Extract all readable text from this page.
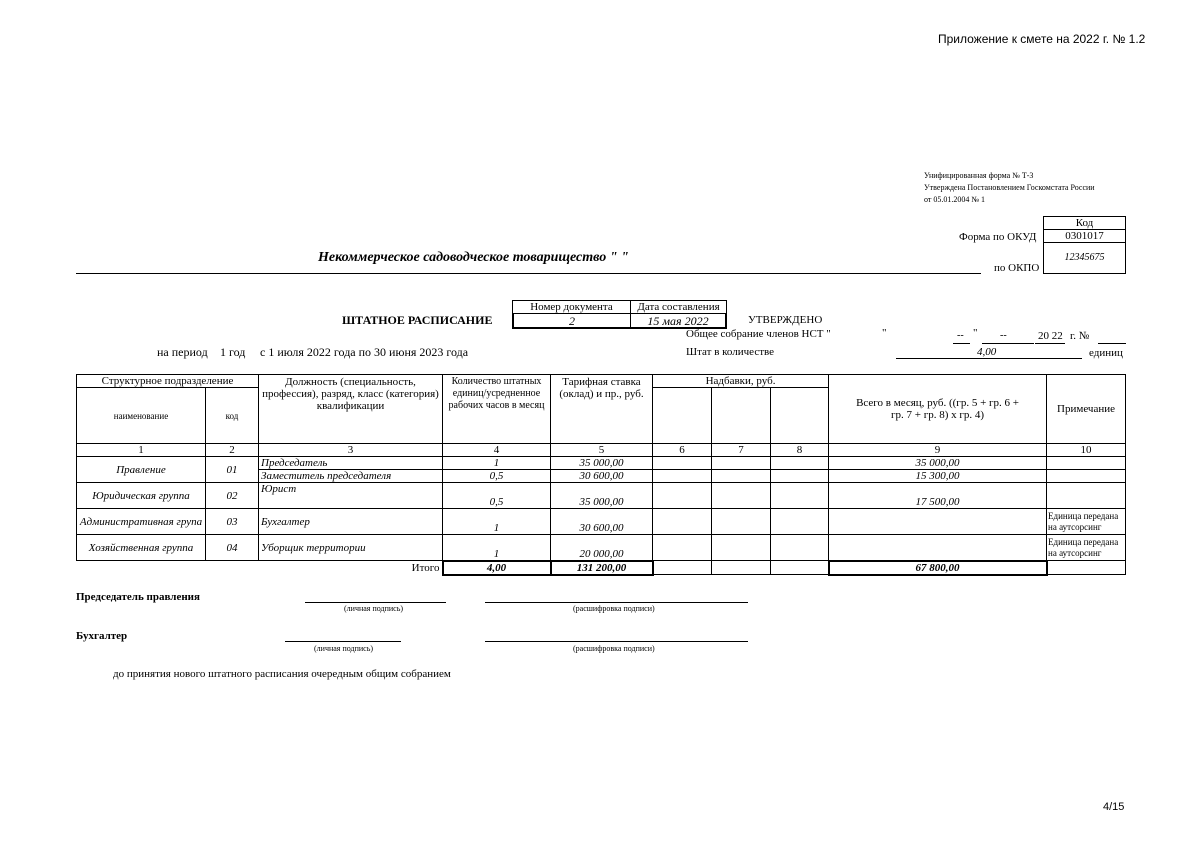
Приложение к смете на 2022 г. № 1.2
Унифицированная форма № Т-3
Утверждена Постановлением Госкомстата России
от 05.01.2004 № 1
Код
0301017
12345675
Форма по ОКУД
по ОКПО
Некоммерческое садоводческое товарищество " "
ШТАТНОЕ РАСПИСАНИЕ
Номер документа	Дата составления
2	15 мая 2022	УТВЕРЖДЕНО
Общее собрание членов НСТ "	"	-- " --	20 22 г. №
на период 1 год с 1 июля 2022 года по 30 июня 2023 года	Штат в количестве	4,00	единиц
Структурное подразделение		Должность (специальность, профессия), разряд, класс (категория) квалификации	Количество штатных единиц/усредненное рабочих часов в месяц	Тарифная ставка (оклад) и пр., руб.	Надбавки, руб.			Всего в месяц, руб. ((гр. 5 + гр. 6 + гр. 7 + гр. 8) х гр. 4)	Примечание
наименование	код								
1	2	3	4	5	6	7	8	9	10
Правление	01	Председатель	1	35 000,00				35 000,00	
		Заместитель председателя	0,5	30 600,00				15 300,00	
Юридическая группа	02	Юрист	0,5	35 000,00				17 500,00	
Административная група	03	Бухгалтер	1	30 600,00					Единица передана на аутсорсинг
Хозяйственная группа	04	Уборщик территории	1	20 000,00					Единица передана на аутсорсинг
Итого			4,00	131 200,00				67 800,00	
Председатель правления
(личная подпись)	(расшифровка подписи)
Бухгалтер
(личная подпись)	(расшифровка подписи)
до принятия нового штатного расписания очередным общим собранием
4/15
